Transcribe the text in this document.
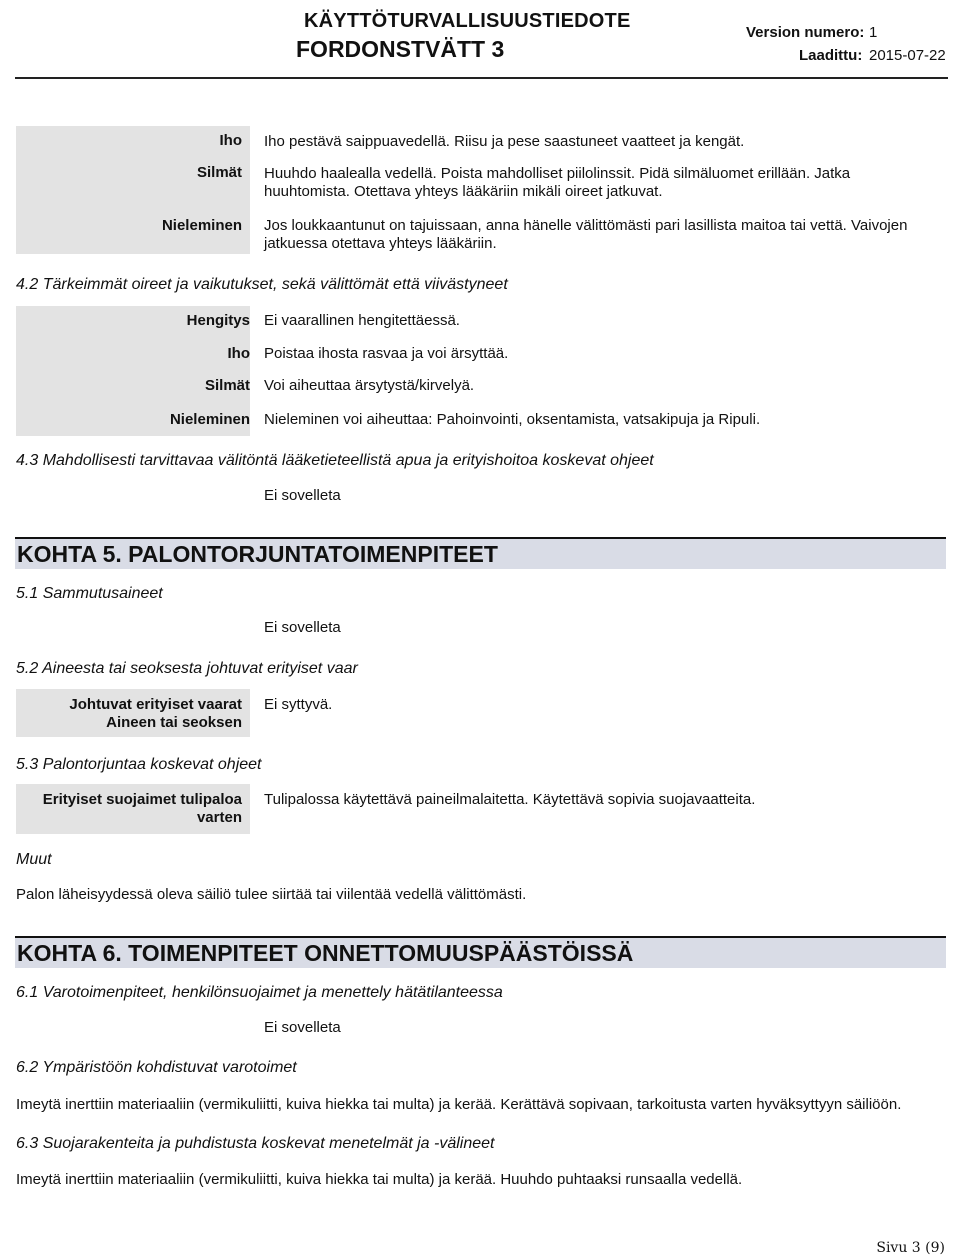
KÄYTTÖTURVALLISUUSTIEDOTE
FORDONSTVÄTT 3
Version numero: 1
Laadittu: 2015-07-22
Iho
Silmät
Nieleminen
Iho pestävä saippuavedellä. Riisu ja pese saastuneet vaatteet ja kengät.
Huuhdo haalealla vedellä. Poista mahdolliset piilolinssit. Pidä silmäluomet erillään. Jatka huuhtomista. Otettava yhteys lääkäriin mikäli oireet jatkuvat.
Jos loukkaantunut on tajuissaan, anna hänelle välittömästi pari lasillista maitoa tai vettä. Vaivojen jatkuessa otettava yhteys lääkäriin.
4.2 Tärkeimmät oireet ja vaikutukset, sekä välittömät että viivästyneet
Hengitys
Iho
Silmät
Nieleminen
Ei vaarallinen hengitettäessä.
Poistaa ihosta rasvaa ja voi ärsyttää.
Voi aiheuttaa ärsytystä/kirvelyä.
Nieleminen voi aiheuttaa: Pahoinvointi, oksentamista, vatsakipuja ja Ripuli.
4.3 Mahdollisesti tarvittavaa välitöntä lääketieteellistä apua ja erityishoitoa koskevat ohjeet
Ei sovelleta
KOHTA 5. PALONTORJUNTATOIMENPITEET
5.1 Sammutusaineet
Ei sovelleta
5.2 Aineesta tai seoksesta johtuvat erityiset vaar
Johtuvat erityiset vaarat
Aineen tai seoksen
Ei syttyvä.
5.3 Palontorjuntaa koskevat ohjeet
Erityiset suojaimet tulipaloa
varten
Tulipalossa käytettävä paineilmalaitetta. Käytettävä sopivia suojavaatteita.
Muut
Palon läheisyydessä oleva säiliö tulee siirtää tai viilentää vedellä välittömästi.
KOHTA 6. TOIMENPITEET ONNETTOMUUSPÄÄSTÖISSÄ
6.1 Varotoimenpiteet, henkilönsuojaimet ja menettely hätätilanteessa
Ei sovelleta
6.2 Ympäristöön kohdistuvat varotoimet
Imeytä inerttiin materiaaliin (vermikuliitti, kuiva hiekka tai multa) ja kerää. Kerättävä sopivaan, tarkoitusta varten hyväksyttyyn säiliöön.
6.3 Suojarakenteita ja puhdistusta koskevat menetelmät ja -välineet
Imeytä inerttiin materiaaliin (vermikuliitti, kuiva hiekka tai multa) ja kerää. Huuhdo puhtaaksi runsaalla vedellä.
Sivu 3 (9)
